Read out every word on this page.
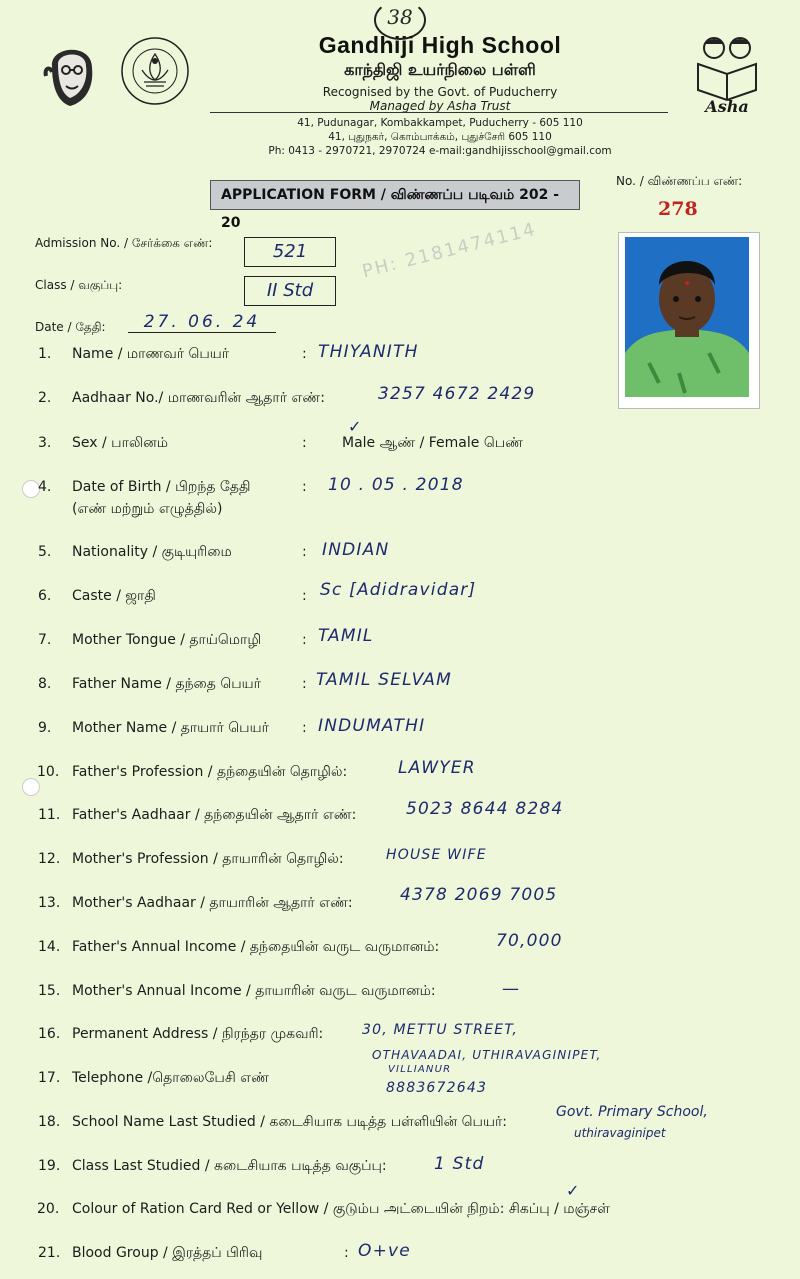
38
Asha
Gandhiji High School
காந்திஜி உயர்நிலை பள்ளி
Recognised by the Govt. of Puducherry
Managed by Asha Trust
41, Pudunagar, Kombakkampet, Puducherry - 605 110
41, புதுநகர், கொம்பாக்கம், புதுச்சேரி 605 110
Ph: 0413 - 2970721, 2970724 e-mail:gandhijisschool@gmail.com
APPLICATION FORM / விண்ணப்ப படிவம் 202 - 20
No. / விண்ணப்ப எண்:
278
PH: 2181474114
Admission No. / சேர்க்கை எண்:	521
Class / வகுப்பு:	II Std
Date / தேதி:	27. 06. 24
1. Name / மாணவர் பெயர்	: THIYANITH
2. Aadhaar No./ மாணவரின் ஆதார் எண்:	3257 4672 2429
3. Sex / பாலினம்	:	Male ஆண் / Female பெண்
✓
4. Date of Birth / பிறந்த தேதி
(எண் மற்றும் எழுத்தில்)
: 10 . 05 . 2018
5. Nationality / குடியுரிமை	: INDIAN
6. Caste / ஜாதி	: Sc [Adidravidar]
7. Mother Tongue / தாய்மொழி	: TAMIL
8. Father Name / தந்தை பெயர்	: TAMIL SELVAM
9. Mother Name / தாயார் பெயர் : INDUMATHI
10. Father's Profession / தந்தையின் தொழில்:	LAWYER
11. Father's Aadhaar / தந்தையின் ஆதார் எண்:	5023 8644 8284
12. Mother's Profession / தாயாரின் தொழில்:	HOUSE WIFE
13. Mother's Aadhaar / தாயாரின் ஆதார் எண்:	4378 2069 7005
14. Father's Annual Income / தந்தையின் வருட வருமானம்:	70,000
15. Mother's Annual Income / தாயாரின் வருட வருமானம்:	—
16. Permanent Address / நிரந்தர முகவரி:	30, METTU STREET,
OTHAVAADAI, UTHIRAVAGINIPET,
VILLIANUR
17. Telephone /தொலைபேசி எண்
8883672643
18. School Name Last Studied / கடைசியாக படித்த பள்ளியின் பெயர்:
Govt. Primary School,
uthiravaginipet
19. Class Last Studied / கடைசியாக படித்த வகுப்பு:	1 Std
20. Colour of Ration Card Red or Yellow / குடும்ப அட்டையின் நிறம்: சிகப்பு / மஞ்சள்
✓
21. Blood Group / இரத்தப் பிரிவு	: O+ve
